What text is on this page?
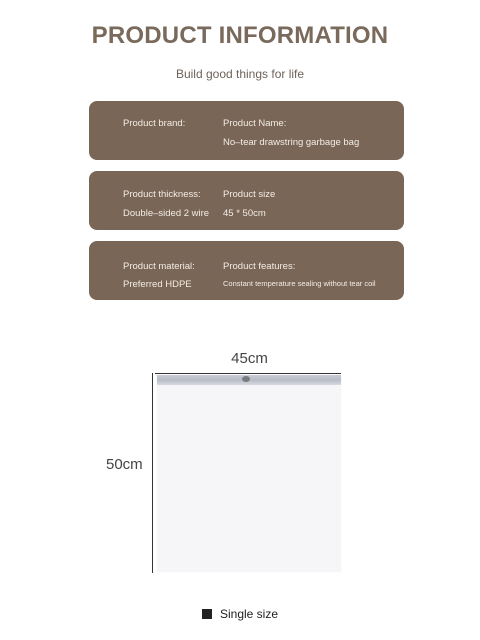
PRODUCT INFORMATION
Build good things for life
Product brand:	Product Name:
No–tear drawstring garbage bag
Product thickness:
Double–sided 2 wire
Product size
45 * 50cm
Product material:
Preferred HDPE
Product features:
Constant temperature sealing without tear coil
45cm
50cm
Single size
